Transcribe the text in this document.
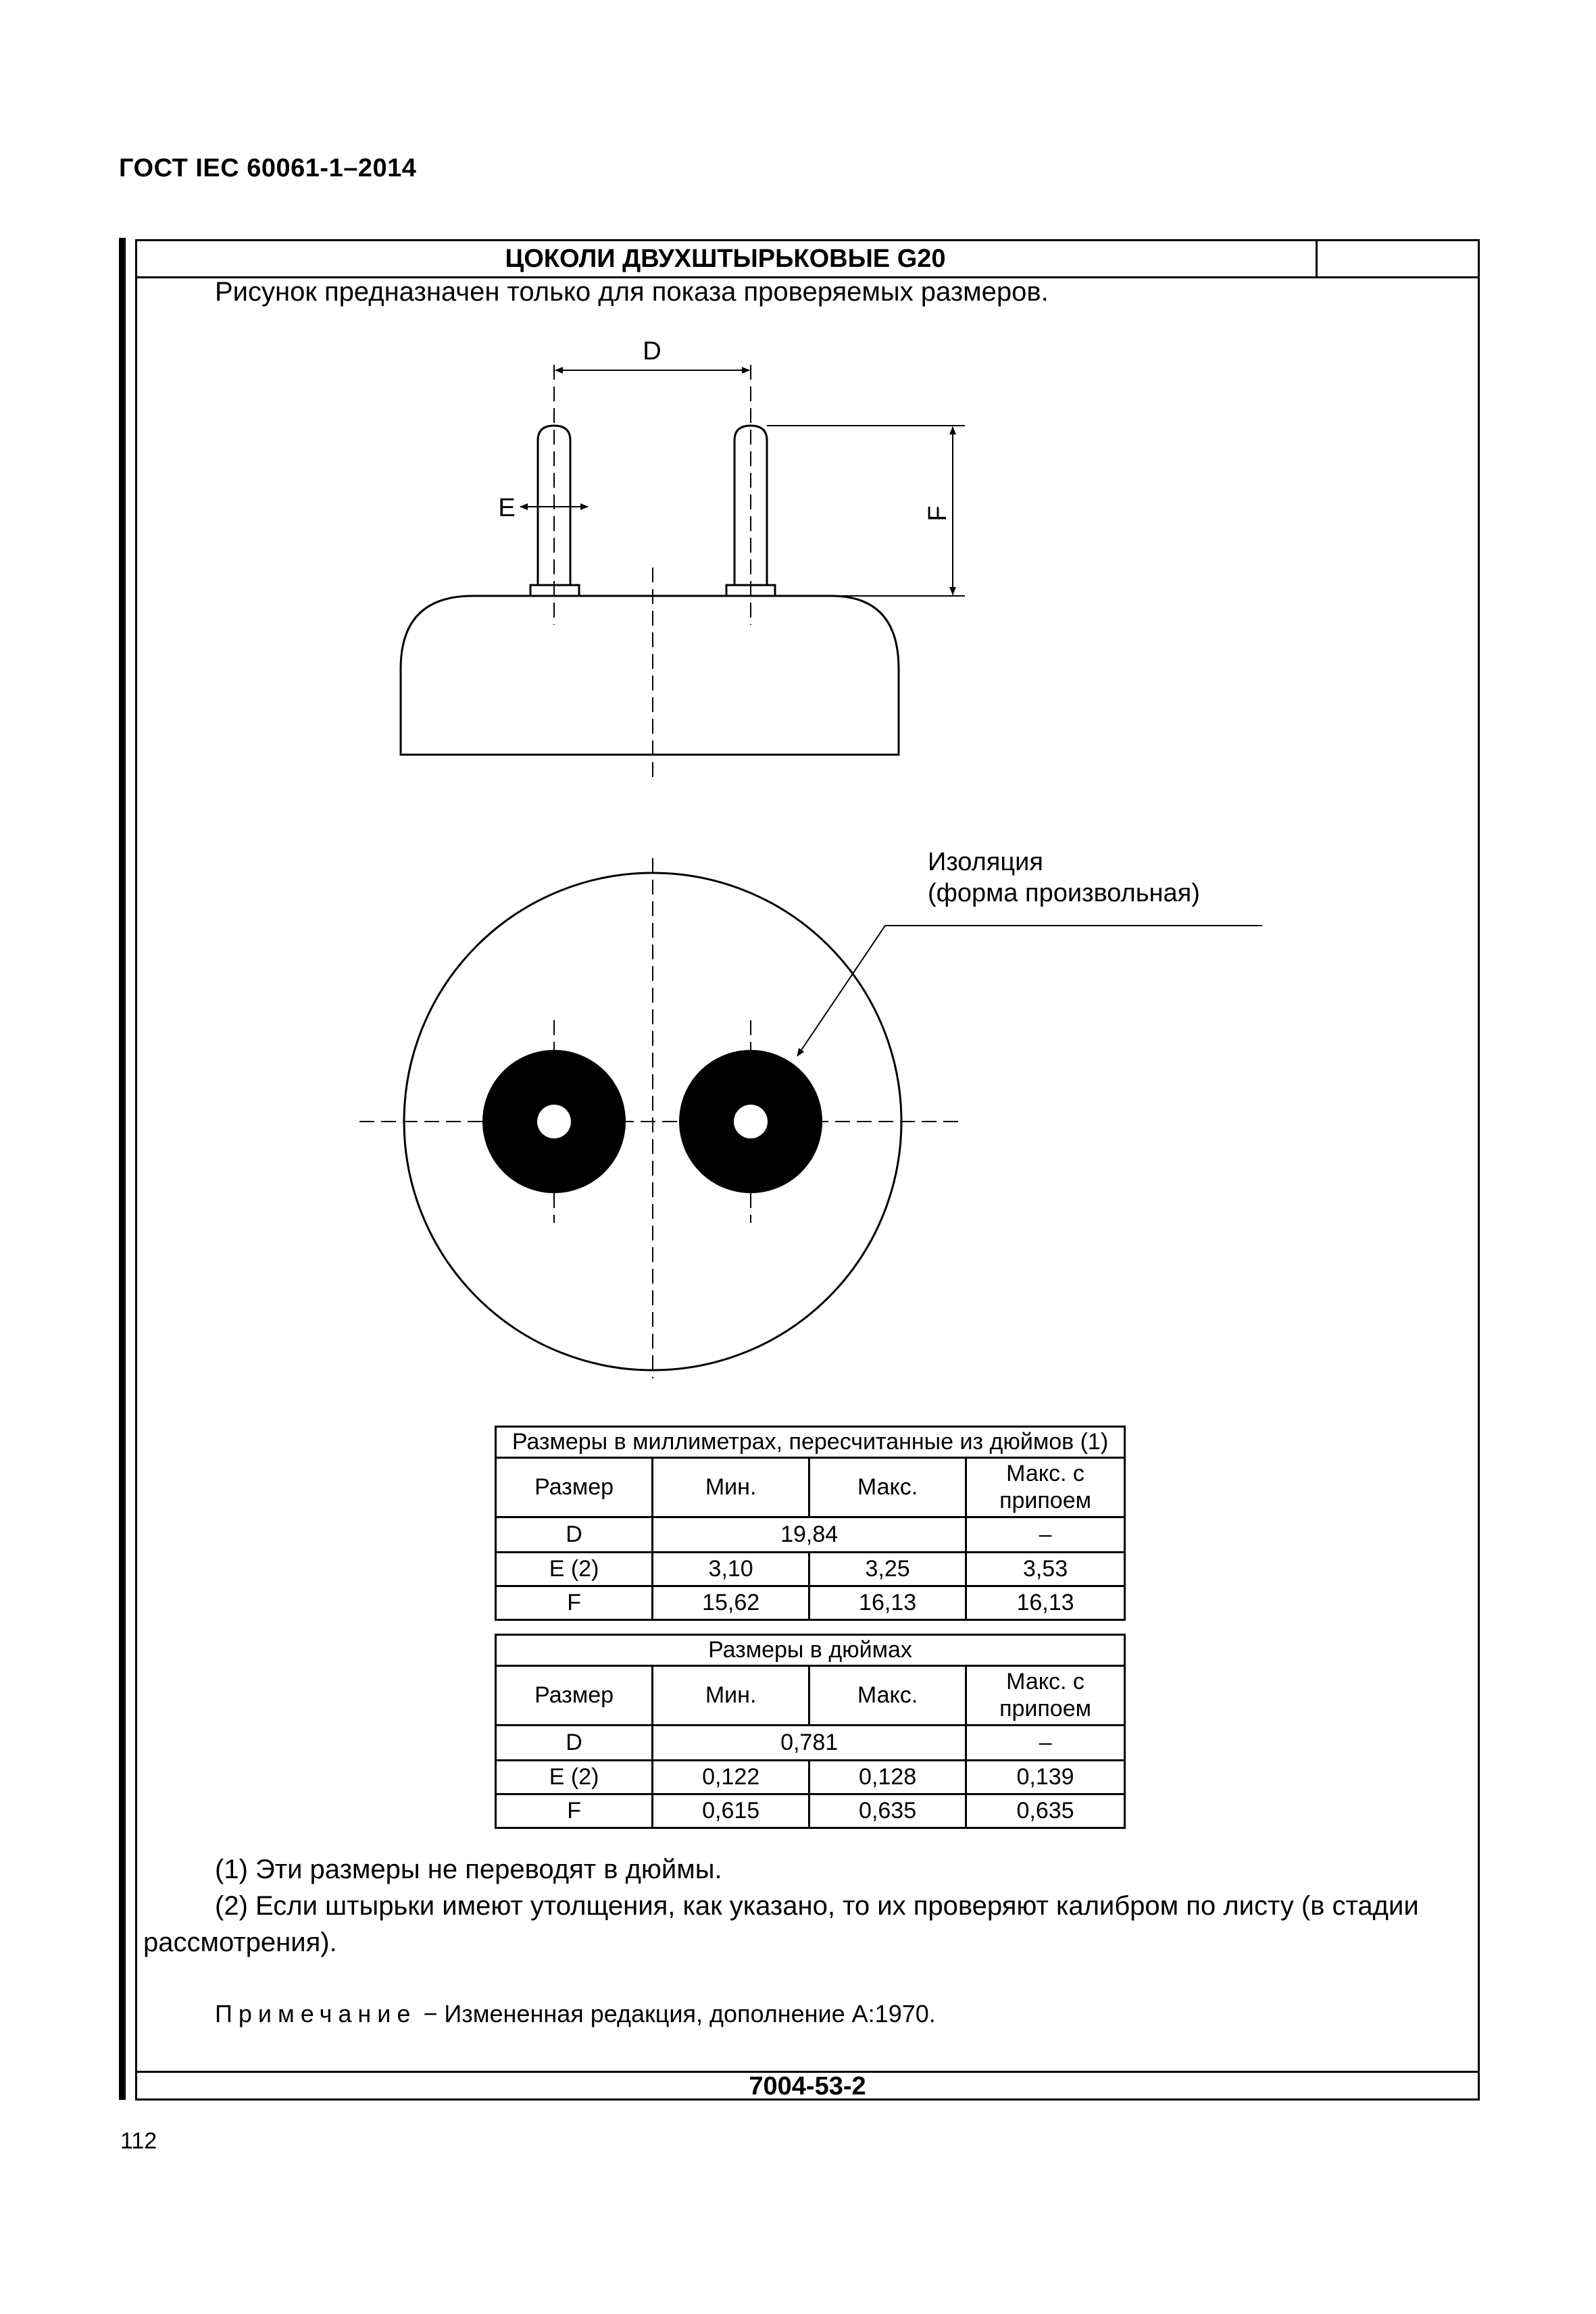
ГОСТ IEC 60061-1–2014
ЦОКОЛИ ДВУХШТЫРЬКОВЫЕ G20
Рисунок предназначен только для показа проверяемых размеров.
D
E	F
Изоляция
(форма произвольная)
Размеры в миллиметрах, пересчитанные из дюймов (1)			
Размер	Мин.	Макс.	Макс. с припоем
D	19,84		–
E (2)	3,10	3,25	3,53
F	15,62	16,13	16,13
Размеры в дюймах			
Размер	Мин.	Макс.	Макс. с припоем
D	0,781		–
E (2)	0,122	0,128	0,139
F	0,615	0,635	0,635

(1) Эти размеры не переводят в дюймы.

(2) Если штырьки имеют утолщения, как указано, то их проверяют калибром по листу (в стадии рассмотрения).

Примечание − Измененная редакция, дополнение А:1970.
7004-53-2
112
